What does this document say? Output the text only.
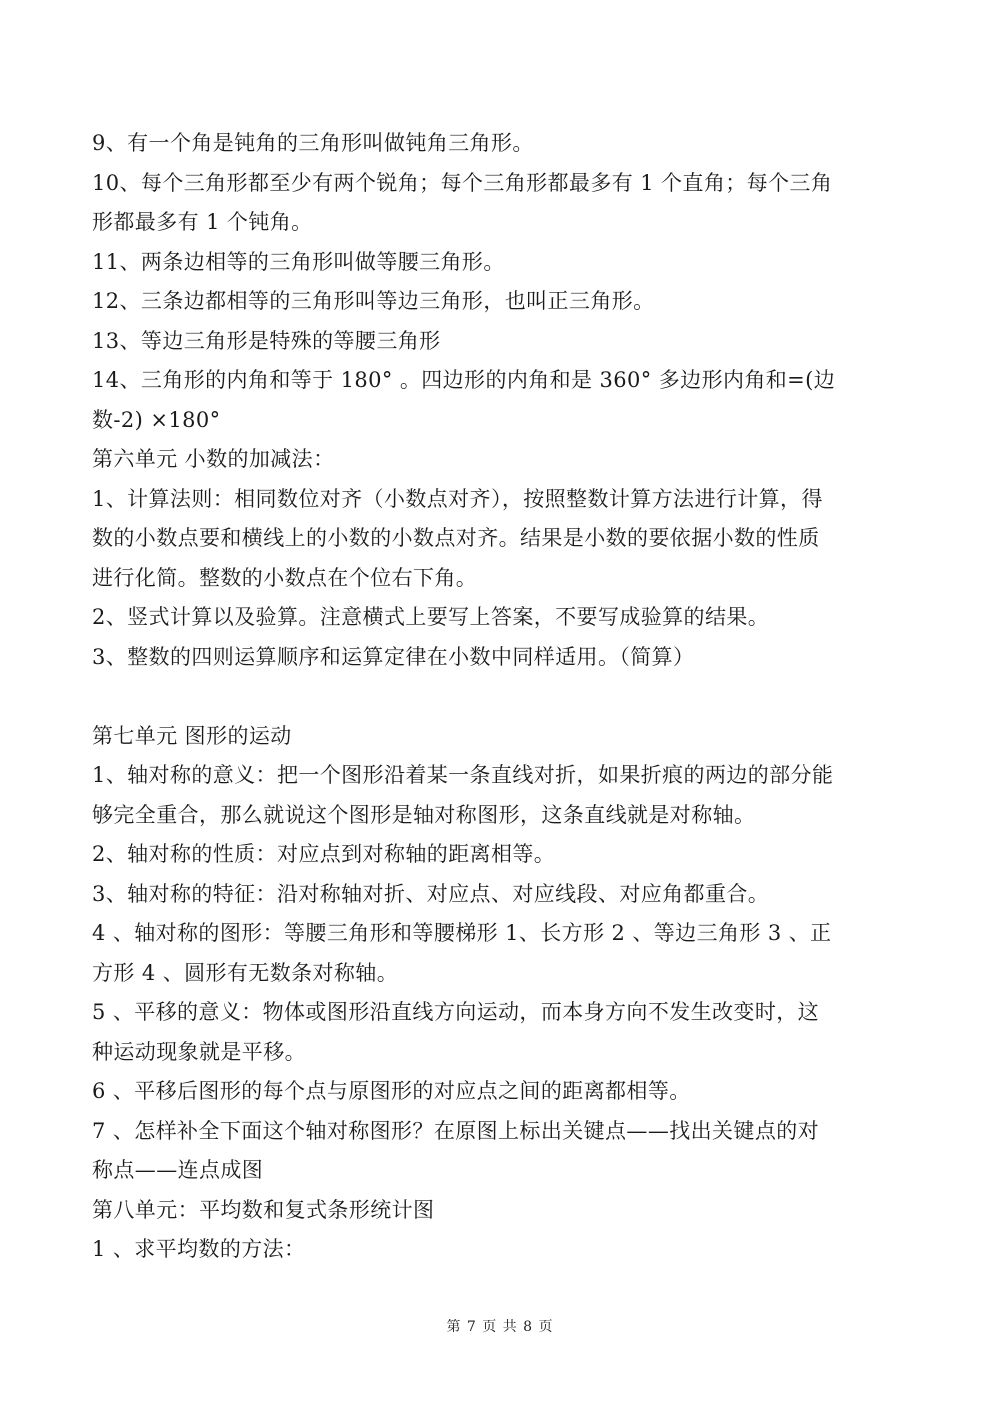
9、有一个角是钝角的三角形叫做钝角三角形。
10、每个三角形都至少有两个锐角；每个三角形都最多有 1 个直角；每个三角
形都最多有 1 个钝角。
11、两条边相等的三角形叫做等腰三角形。
12、三条边都相等的三角形叫等边三角形，也叫正三角形。
13、等边三角形是特殊的等腰三角形
14、三角形的内角和等于 180° 。四边形的内角和是 360° 多边形内角和=(边
数-2) ×180°
第六单元 小数的加减法：
1、计算法则：相同数位对齐（小数点对齐），按照整数计算方法进行计算，得
数的小数点要和横线上的小数的小数点对齐。结果是小数的要依据小数的性质
进行化简。整数的小数点在个位右下角。
2、竖式计算以及验算。注意横式上要写上答案，不要写成验算的结果。
3、整数的四则运算顺序和运算定律在小数中同样适用。（简算）
第七单元 图形的运动
1、轴对称的意义：把一个图形沿着某一条直线对折，如果折痕的两边的部分能
够完全重合，那么就说这个图形是轴对称图形，这条直线就是对称轴。
2、轴对称的性质：对应点到对称轴的距离相等。
3、轴对称的特征：沿对称轴对折、对应点、对应线段、对应角都重合。
4 、轴对称的图形：等腰三角形和等腰梯形 1、长方形 2 、等边三角形 3 、正
方形 4 、圆形有无数条对称轴。
5 、平移的意义：物体或图形沿直线方向运动，而本身方向不发生改变时，这
种运动现象就是平移。
6 、平移后图形的每个点与原图形的对应点之间的距离都相等。
7 、怎样补全下面这个轴对称图形？在原图上标出关键点——找出关键点的对
称点——连点成图
第八单元：平均数和复式条形统计图
1 、求平均数的方法：
第 7 页 共 8 页
